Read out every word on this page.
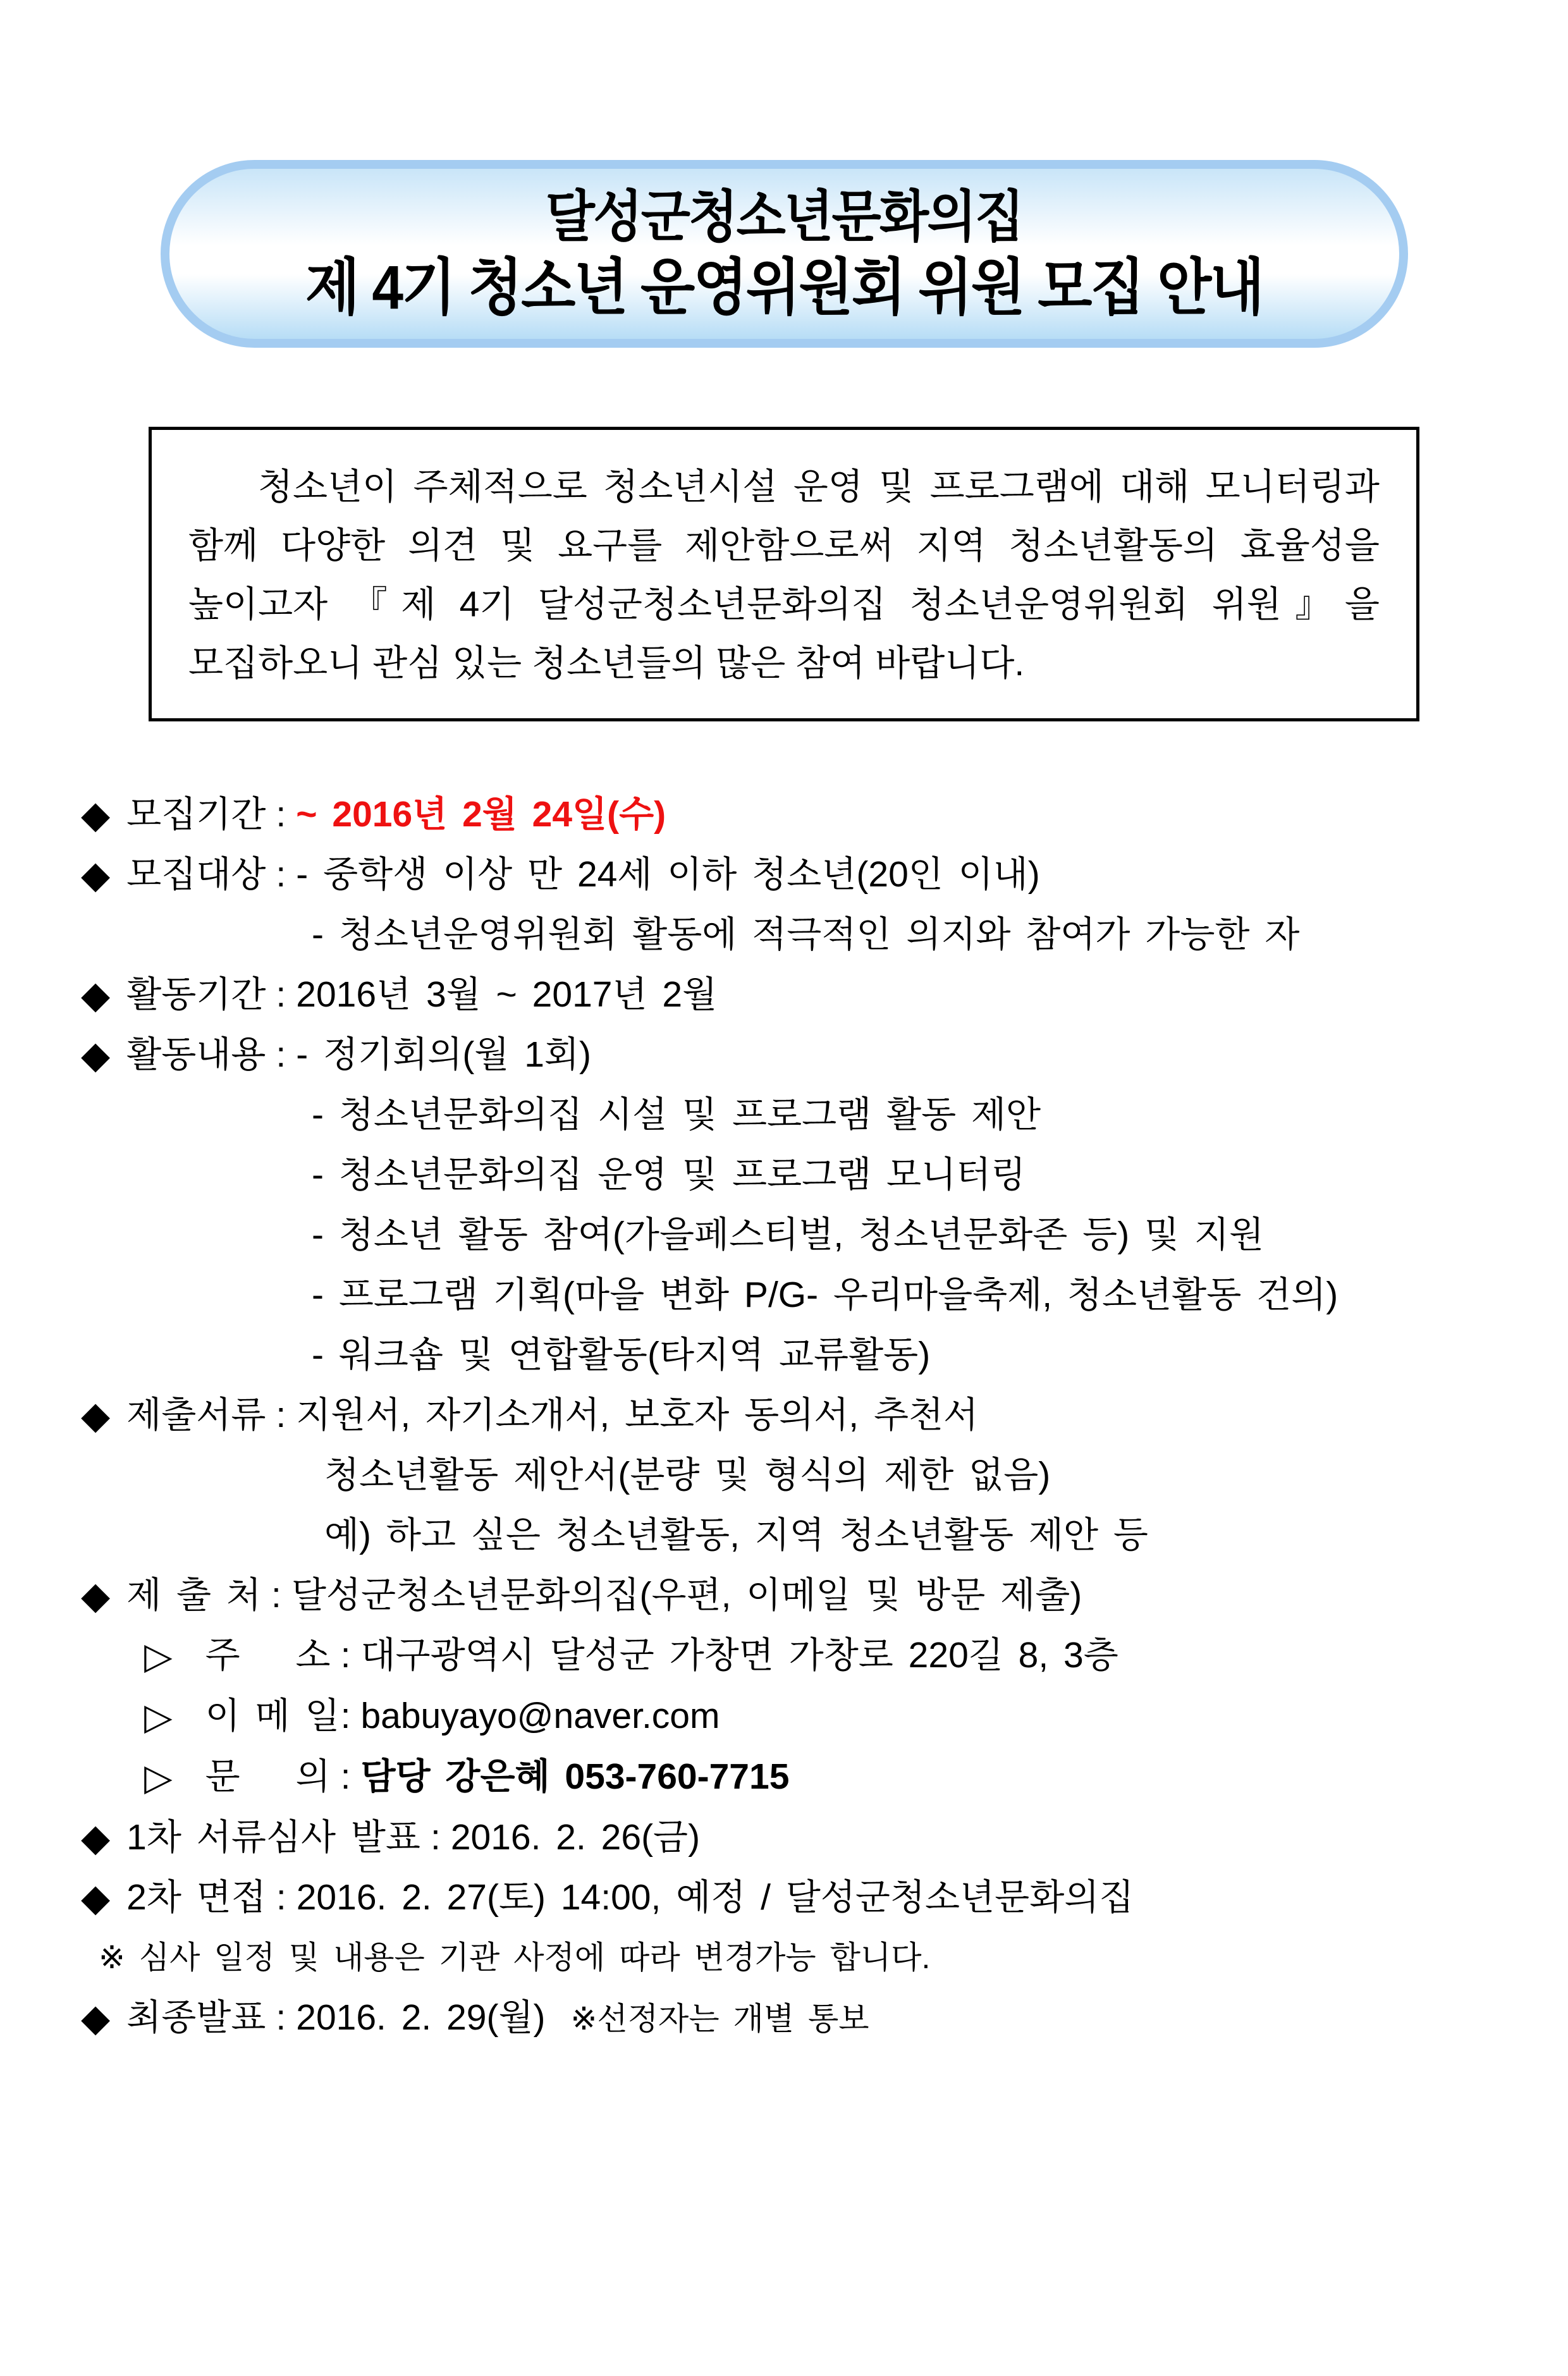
달성군청소년문화의집
제 4기 청소년 운영위원회 위원 모집 안내
청소년이 주체적으로 청소년시설 운영 및 프로그램에 대해 모니터링과
함께 다양한 의견 및 요구를 제안함으로써 지역 청소년활동의 효율성을
높이고자 『제 4기 달성군청소년문화의집 청소년운영위원회 위원』을
모집하오니 관심 있는 청소년들의 많은 참여 바랍니다.
◆ 모집기간 : ~ 2016년 2월 24일(수)
◆ 모집대상 : - 중학생 이상 만 24세 이하 청소년(20인 이내)
- 청소년운영위원회 활동에 적극적인 의지와 참여가 가능한 자
◆ 활동기간 : 2016년 3월 ~ 2017년 2월
◆ 활동내용 : - 정기회의(월 1회)
- 청소년문화의집 시설 및 프로그램 활동 제안
- 청소년문화의집 운영 및 프로그램 모니터링
- 청소년 활동 참여(가을페스티벌, 청소년문화존 등) 및 지원
- 프로그램 기획(마을 변화 P/G- 우리마을축제, 청소년활동 건의)
- 워크숍 및 연합활동(타지역 교류활동)
◆ 제출서류 : 지원서, 자기소개서, 보호자 동의서, 추천서
청소년활동 제안서(분량 및 형식의 제한 없음)
예) 하고 싶은 청소년활동, 지역 청소년활동 제안 등
◆ 제 출 처 : 달성군청소년문화의집(우편, 이메일 및 방문 제출)
▷ 주 소 : 대구광역시 달성군 가창면 가창로 220길 8, 3층
▷ 이 메 일: babuyayo@naver.com
▷ 문 의 : 담당 강은혜 053-760-7715
◆ 1차 서류심사 발표 : 2016. 2. 26(금)
◆ 2차 면접 : 2016. 2. 27(토) 14:00, 예정 / 달성군청소년문화의집
※ 심사 일정 및 내용은 기관 사정에 따라 변경가능 합니다.
◆ 최종발표 : 2016. 2. 29(월) ※선정자는 개별 통보
